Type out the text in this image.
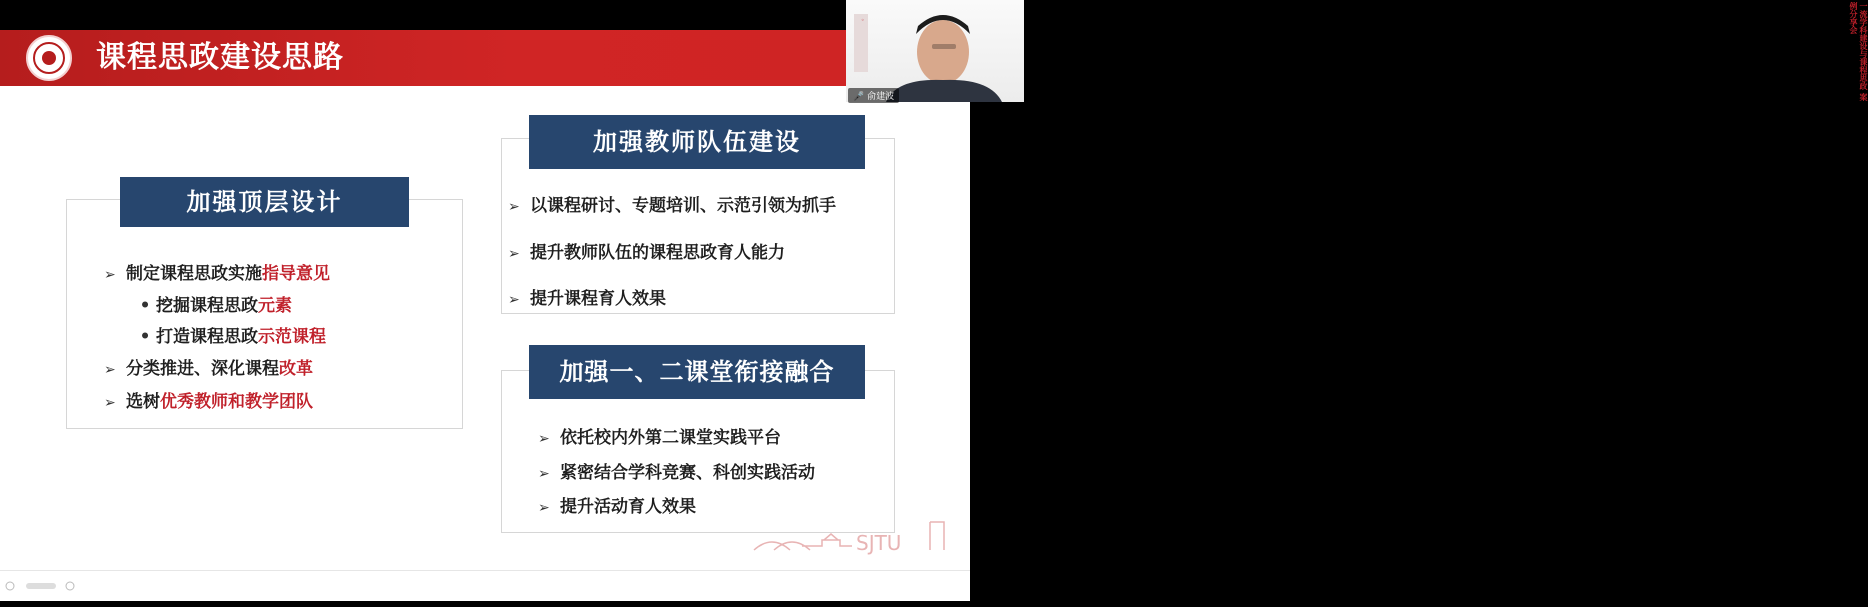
课程思政建设思路
加强顶层设计
➢ 制定课程思政实施指导意见
• 挖掘课程思政元素
• 打造课程思政示范课程
➢ 分类推进、深化课程改革
➢ 选树优秀教师和教学团队
加强教师队伍建设
➢ 以课程研讨、专题培训、示范引领为抓手
➢ 提升教师队伍的课程思政育人能力
➢ 提升课程育人效果
加强一、二课堂衔接融合
➢ 依托校内外第二课堂实践平台
➢ 紧密结合学科竞赛、科创实践活动
➢ 提升活动育人效果
SJTU
◦	一流学科建设与课程思政 案例分享会
🎤 俞建波
